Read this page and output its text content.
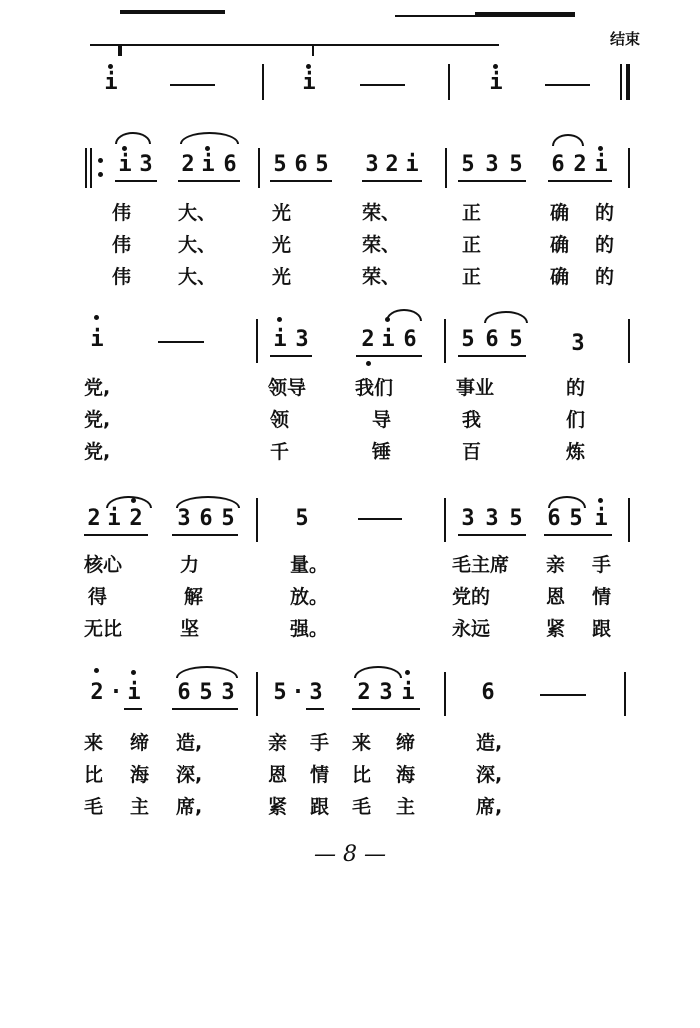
结束
i	i	i
i 3 2 i 6 5 6 5 3 2 i 5 3 5 6 2 i
伟 大、	光	荣、	正	确 的
伟 大、	光	荣、	正	确 的
伟 大、	光	荣、	正	确 的
i	i 3 2 i 6 5 6 5 3
党,	领导	我们	事业	的
党,	领	导	我	们
党,	千	锤	百	炼
2 i 2 3 6 5	5	3 3 5 6 5 i
核心	力	量。	毛主席 亲 手
得	解	放。	党的	恩 情
无比	坚	强。	永远	紧 跟
2 · i 6 5 3 5 · 3 2 3 i	6
来 缔 造,	亲 手 来 缔	造,
比 海 深,	恩 情 比 海	深,
毛 主 席,	紧 跟 毛 主	席,
— 8 —
